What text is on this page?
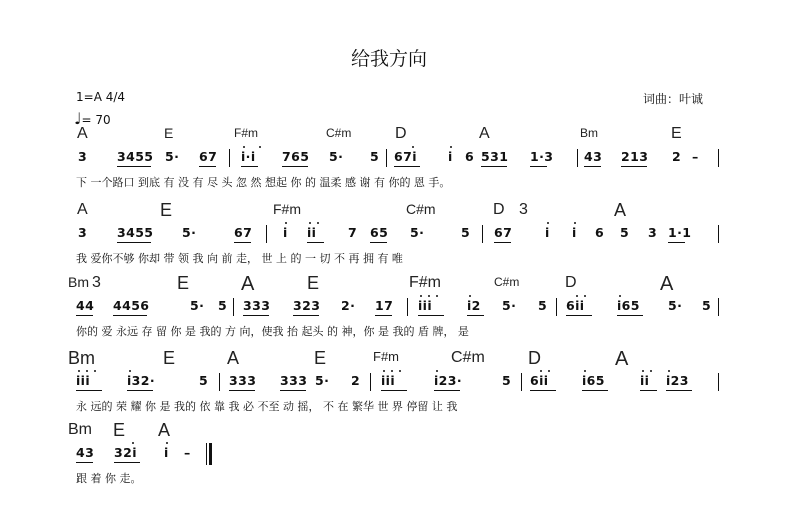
给我方向
1=A 4/4	词曲：叶诚
♩= 70
A	E	F#m	C#m	D	A	Bm	E
3 3455 5· 67 i·i 765 5· 5 67i i 6 531 1·3 43 213 2 –
下 一个路口 到底 有 没 有 尽 头 忽 然 想起 你 的 温柔 感 谢 有 你的 恩 手。
A	E	F#m	C#m	D 3	A
3 3455 5·	67 i ii	7 65 5·	5 67	i i 6 5 3 1·1
我 爱你不够 你却 带 领 我 向 前 走， 世 上 的 一 切 不 再 拥 有 唯
Bm 3	E	A	E	F#m	C#m	D	A
44 4456	5· 5 333 323 2· 17 iii	i2 5· 5 6ii	i65 5· 5
你的 爱 永远 存 留 你 是 我的 方 向，使我 抬 起头 的 神，你 是 我的 盾 牌， 是
Bm	E	A	E	F#m	C#m D	A
iii	i32·	5 333 333 5· 2 iii	i23·	5 6ii	i65	ii i23
永 远的 荣 耀 你 是 我的 依 靠 我 必 不至 动 摇， 不 在 繁华 世 界 停留 让 我
Bm E A
43 32i i –
跟 着 你 走。
